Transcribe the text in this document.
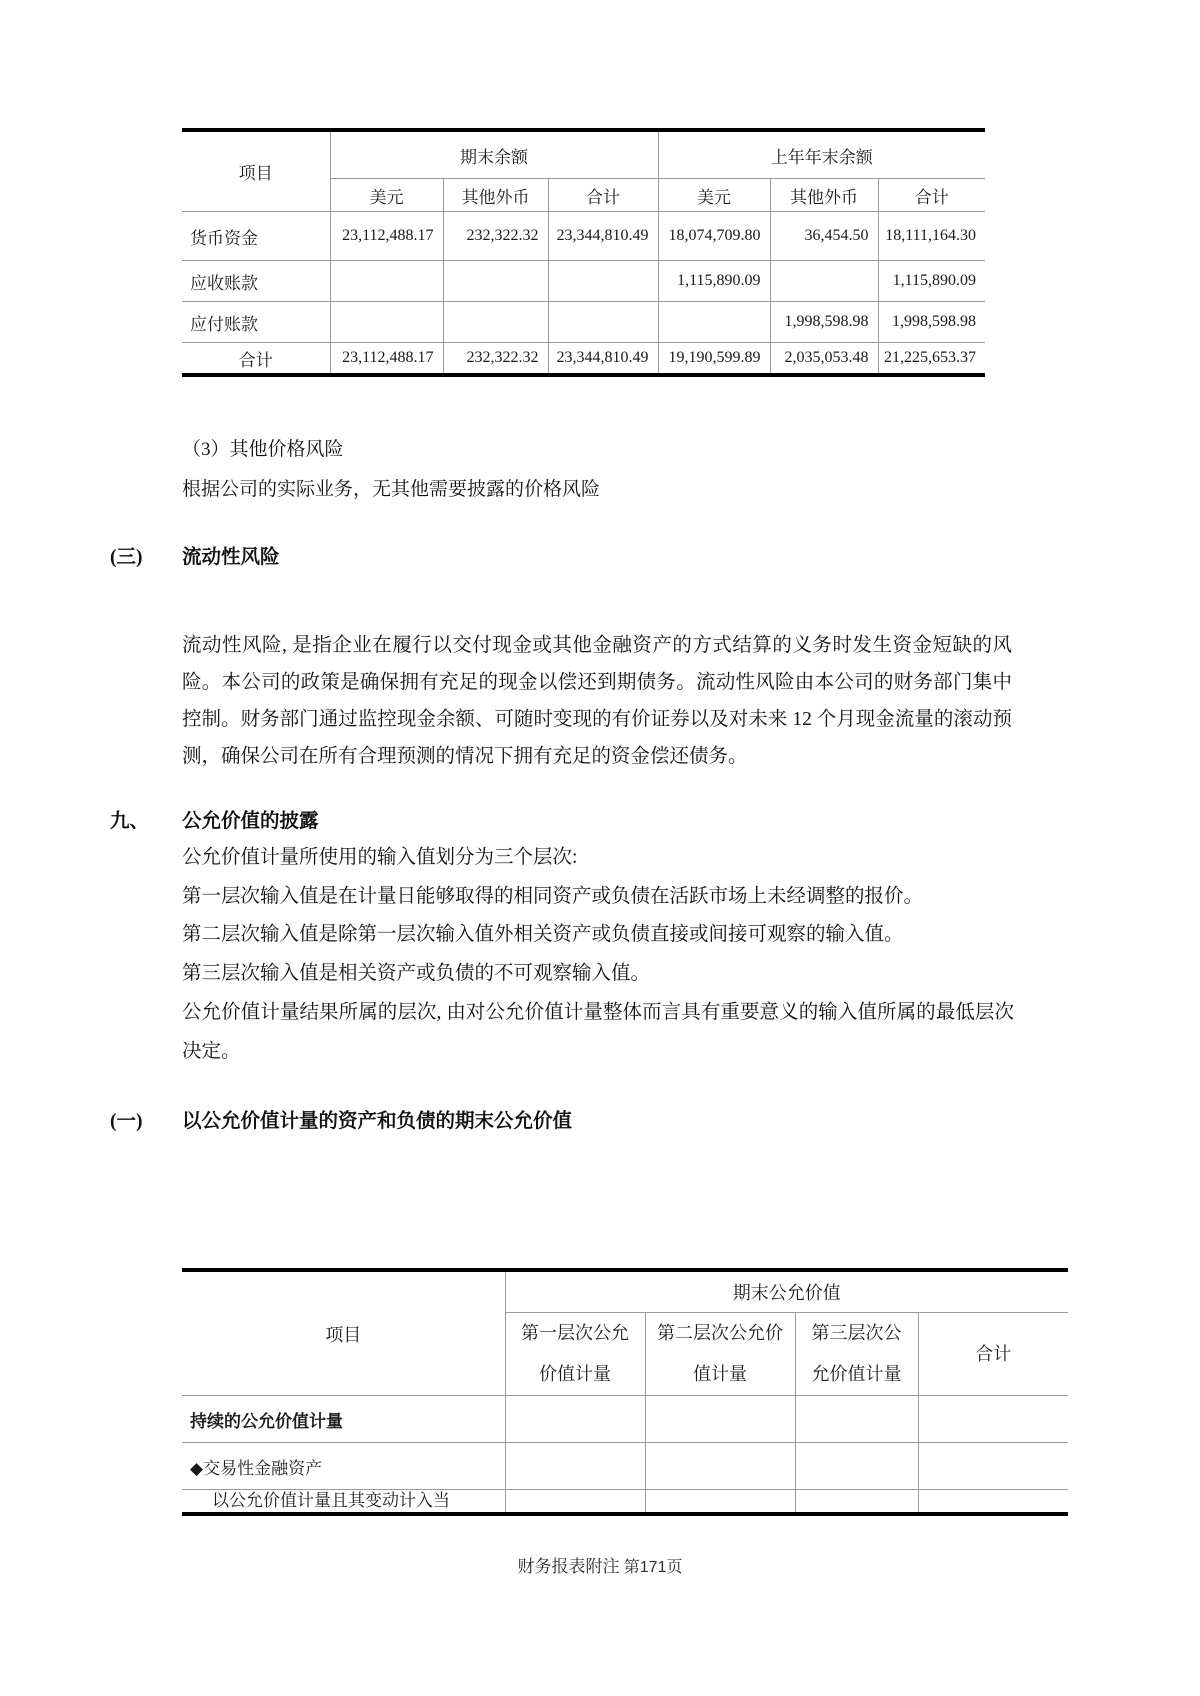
项目	期末余额			上年年末余额		
	美元	其他外币	合计	美元	其他外币	合计
货币资金	23,112,488.17	232,322.32	23,344,810.49	18,074,709.80	36,454.50	18,111,164.30
应收账款				1,115,890.09		1,115,890.09
应付账款					1,998,598.98	1,998,598.98
合计	23,112,488.17	232,322.32	23,344,810.49	19,190,599.89	2,035,053.48	21,225,653.37

（3）其他价格风险

根据公司的实际业务，无其他需要披露的价格风险

(三) 流动性风险
流动性风险, 是指企业在履行以交付现金或其他金融资产的方式结算的义务时发生资金短缺的风险。本公司的政策是确保拥有充足的现金以偿还到期债务。流动性风险由本公司的财务部门集中控制。财务部门通过监控现金余额、可随时变现的有价证券以及对未来 12 个月现金流量的滚动预测，确保公司在所有合理预测的情况下拥有充足的资金偿还债务。
九、 公允价值的披露

公允价值计量所使用的输入值划分为三个层次:

第一层次输入值是在计量日能够取得的相同资产或负债在活跃市场上未经调整的报价。

第二层次输入值是除第一层次输入值外相关资产或负债直接或间接可观察的输入值。

第三层次输入值是相关资产或负债的不可观察输入值。

公允价值计量结果所属的层次, 由对公允价值计量整体而言具有重要意义的输入值所属的最低层次决定。

(一) 以公允价值计量的资产和负债的期末公允价值
项目	期末公允价值			
	第一层次公允价值计量	第二层次公允价值计量	第三层次公允价值计量	合计
持续的公允价值计量				
◆交易性金融资产				
以公允价值计量且其变动计入当				
财务报表附注 第171页
